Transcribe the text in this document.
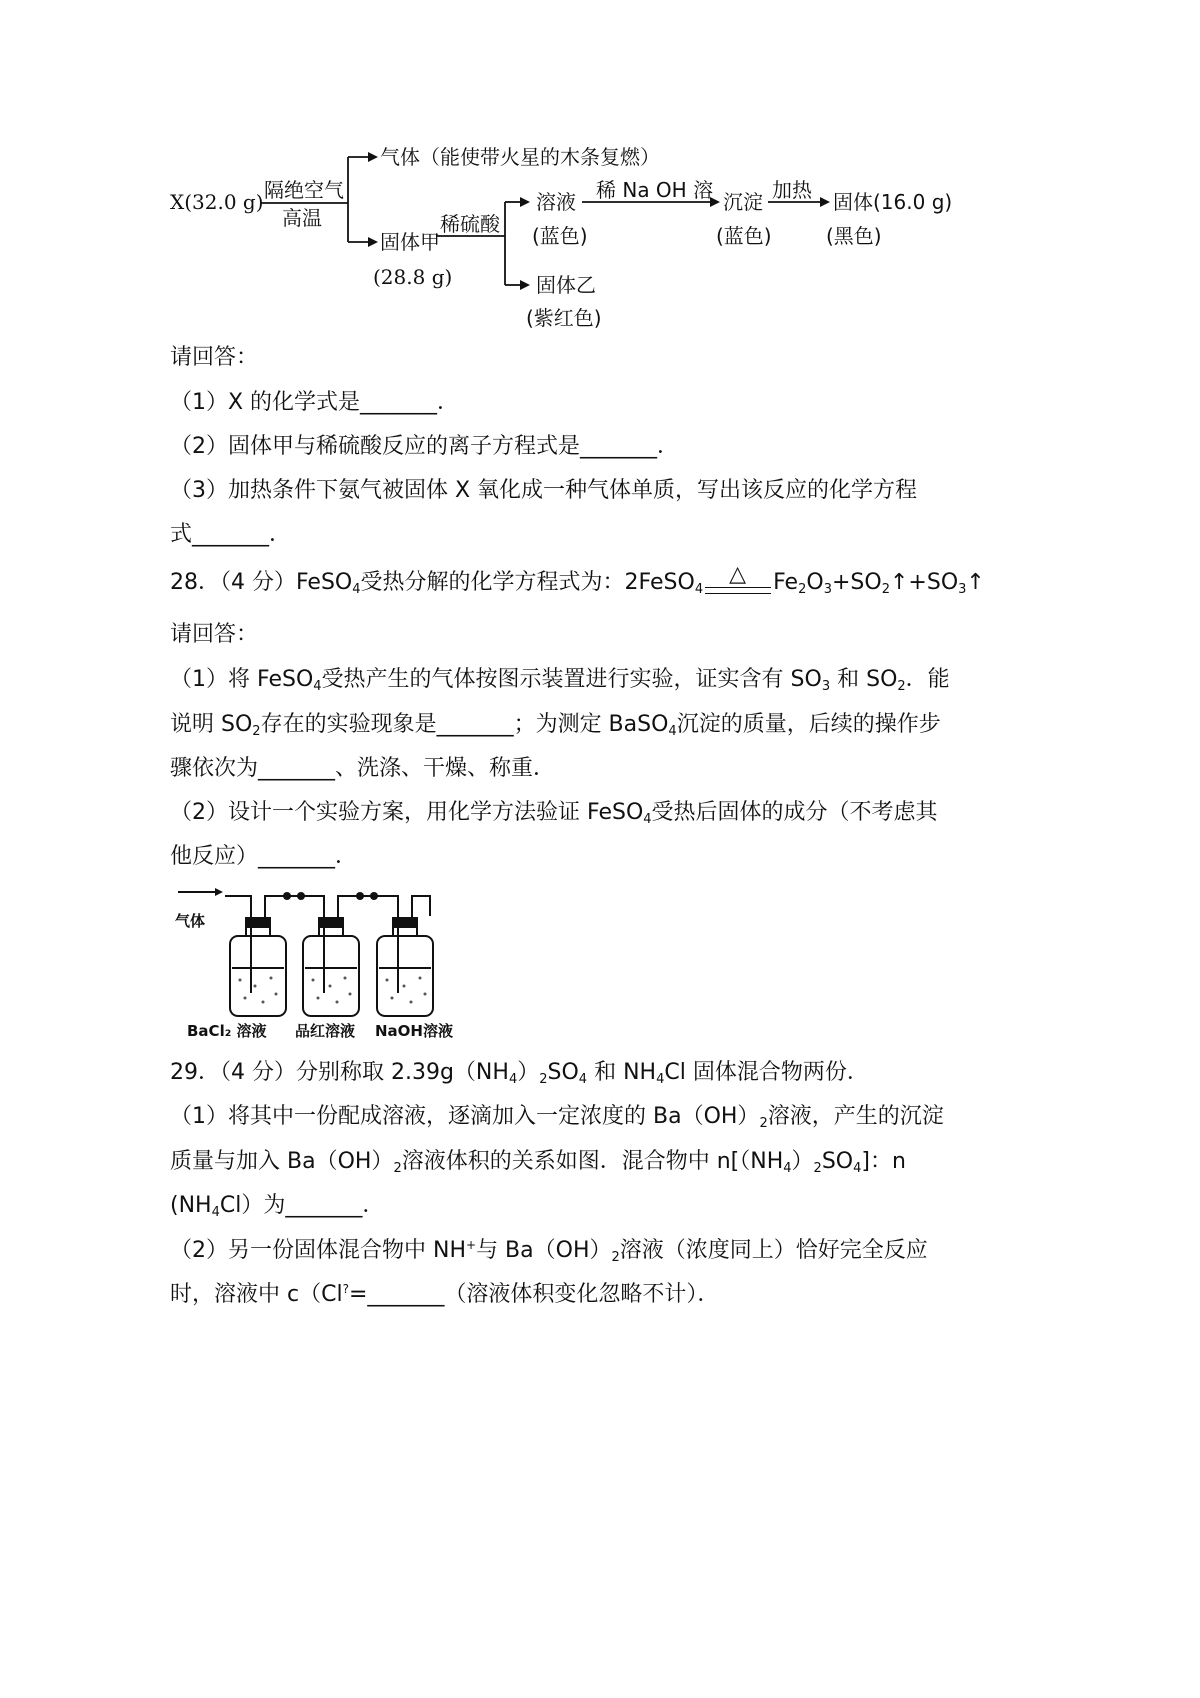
X(32.0 g) 隔绝空气
高温
气体（能使带火星的木条复燃）
固体甲
(28.8 g)
稀硫酸
溶液
(蓝色)
稀 Na OH 溶 沉淀
(蓝色)
加热 固体(16.0 g)
(黑色)
固体乙
(紫红色)
请回答：
（1）X 的化学式是_______．
（2）固体甲与稀硫酸反应的离子方程式是_______．
（3）加热条件下氨气被固体 X 氧化成一种气体单质，写出该反应的化学方程
式_______．
28．（4 分）FeSO$_4$受热分解的化学方程式为：2FeSO$_4$
△ $Fe_2O_3+SO_2↑+SO_3↑$
请回答：
（1）将 FeSO$_4$受热产生的气体按图示装置进行实验，证实含有 $SO_3$ 和 $SO_2$．能
说明 $SO_2$存在的实验现象是_______；为测定 BaSO$_4$沉淀的质量，后续的操作步
骤依次为_______、洗涤、干燥、称重．
（2）设计一个实验方案，用化学方法验证 FeSO$_4$受热后固体的成分（不考虑其
他反应）_______．
气体
BaCl₂ 溶液 品红溶液 NaOH溶液
29．（4 分）分别称取 $2.39g(NH_4)_2SO_4$ 和 $NH_4Cl$ 固体混合物两份．
（1）将其中一份配成溶液，逐滴加入一定浓度的 $Ba(OH)_2$溶液，产生的沉淀
质量与加入 $Ba(OH)_2$溶液体积的关系如图．混合物中 $n[(NH_4)_2SO_4]$：n
$(NH_4Cl)$为_______．
（2）另一份固体混合物中 NH+与 $Ba(OH)_2$溶液（浓度同上）恰好完全反应
时，溶液中 c（Cl?=_______（溶液体积变化忽略不计）．
